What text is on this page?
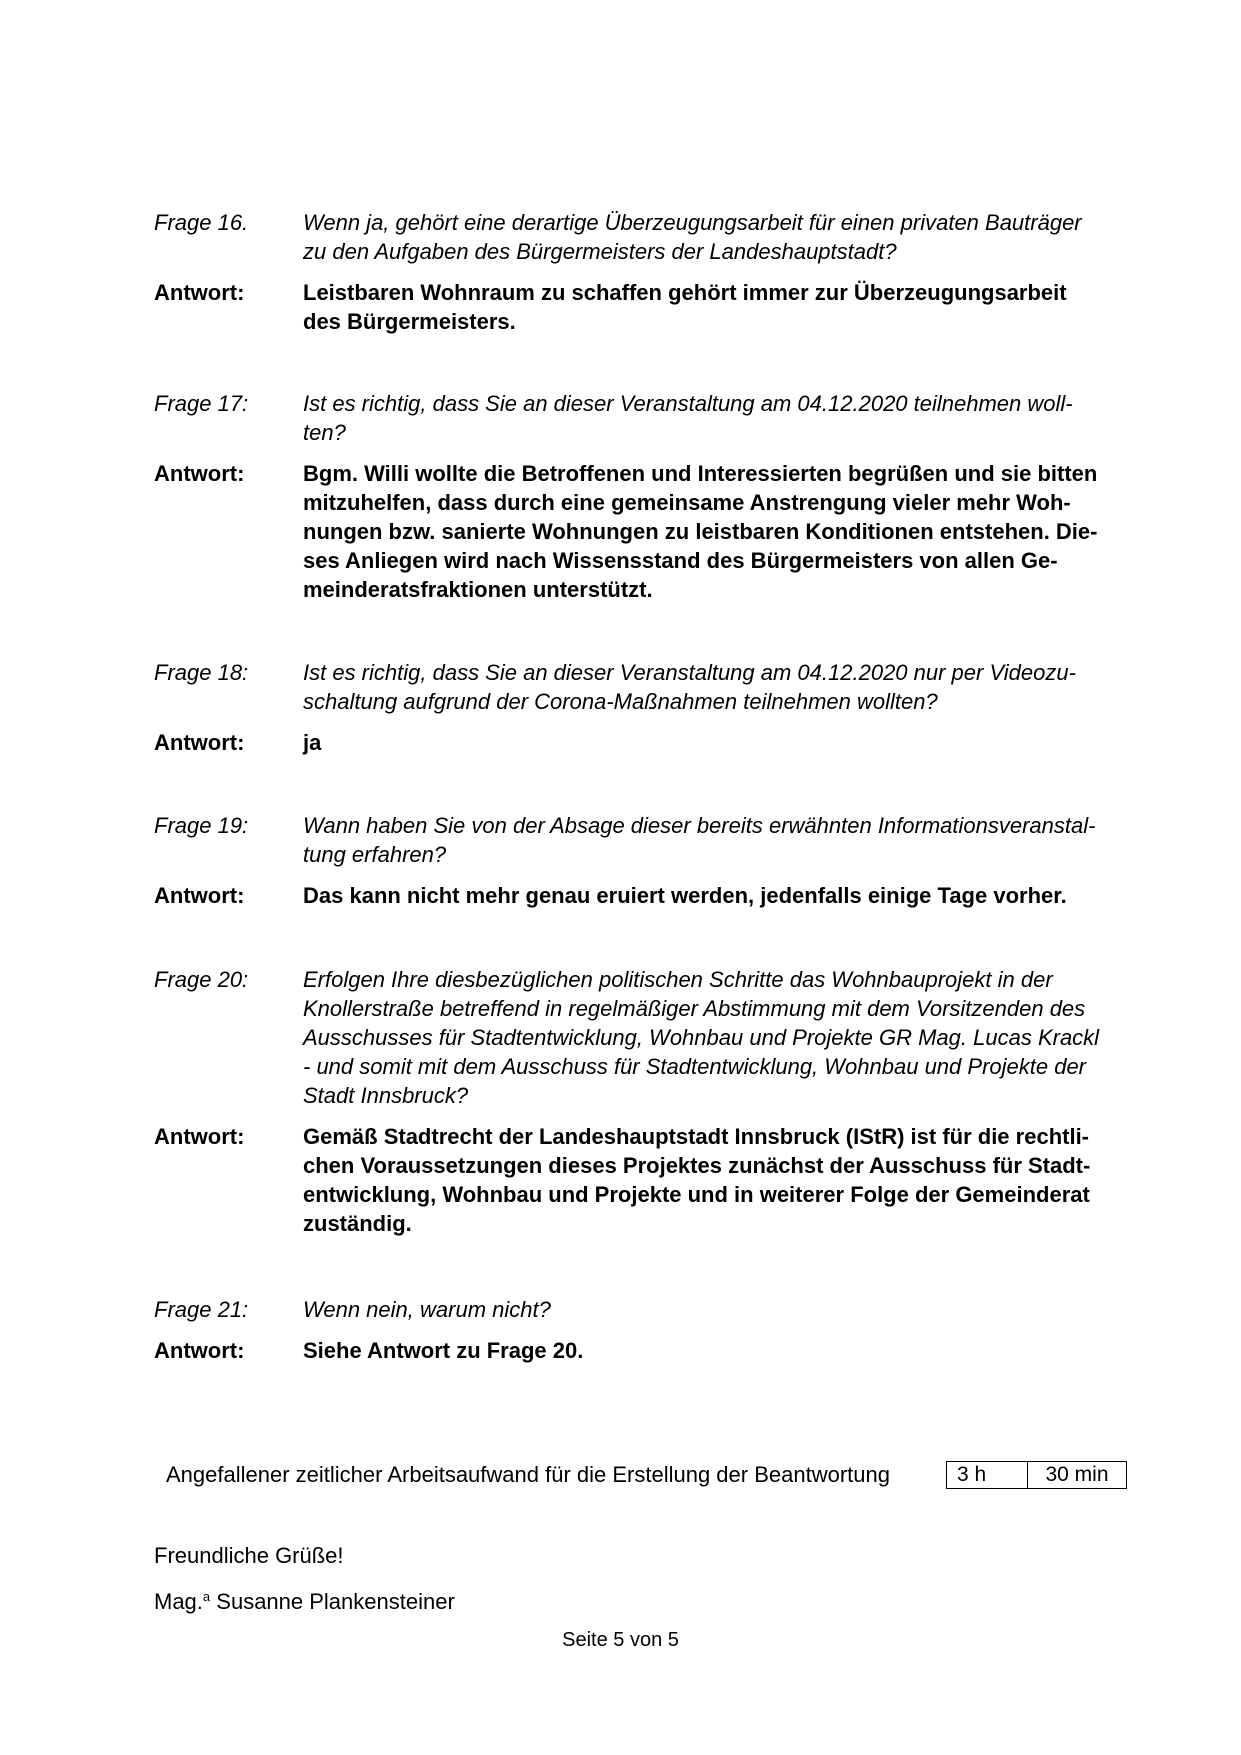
Frage 16.	Wenn ja, gehört eine derartige Überzeugungsarbeit für einen privaten Bauträger
zu den Aufgaben des Bürgermeisters der Landeshauptstadt?
Antwort:	Leistbaren Wohnraum zu schaffen gehört immer zur Überzeugungsarbeit
des Bürgermeisters.
Frage 17:	Ist es richtig, dass Sie an dieser Veranstaltung am 04.12.2020 teilnehmen woll-
ten?
Antwort:	Bgm. Willi wollte die Betroffenen und Interessierten begrüßen und sie bitten
mitzuhelfen, dass durch eine gemeinsame Anstrengung vieler mehr Woh-
nungen bzw. sanierte Wohnungen zu leistbaren Konditionen entstehen. Die-
ses Anliegen wird nach Wissensstand des Bürgermeisters von allen Ge-
meinderatsfraktionen unterstützt.
Frage 18:	Ist es richtig, dass Sie an dieser Veranstaltung am 04.12.2020 nur per Videozu-
schaltung aufgrund der Corona-Maßnahmen teilnehmen wollten?
Antwort:	ja
Frage 19:	Wann haben Sie von der Absage dieser bereits erwähnten Informationsveranstal-
tung erfahren?
Antwort:	Das kann nicht mehr genau eruiert werden, jedenfalls einige Tage vorher.
Frage 20:	Erfolgen Ihre diesbezüglichen politischen Schritte das Wohnbauprojekt in der
Knollerstraße betreffend in regelmäßiger Abstimmung mit dem Vorsitzenden des
Ausschusses für Stadtentwicklung, Wohnbau und Projekte GR Mag. Lucas Krackl
- und somit mit dem Ausschuss für Stadtentwicklung, Wohnbau und Projekte der
Stadt Innsbruck?
Antwort:	Gemäß Stadtrecht der Landeshauptstadt Innsbruck (IStR) ist für die rechtli-
chen Voraussetzungen dieses Projektes zunächst der Ausschuss für Stadt-
entwicklung, Wohnbau und Projekte und in weiterer Folge der Gemeinderat
zuständig.
Frage 21:	Wenn nein, warum nicht?
Antwort:	Siehe Antwort zu Frage 20.
Angefallener zeitlicher Arbeitsaufwand für die Erstellung der Beantwortung	3 h	30 min
Freundliche Grüße!
Mag.$^a$ Susanne Plankensteiner
Seite 5 von 5
